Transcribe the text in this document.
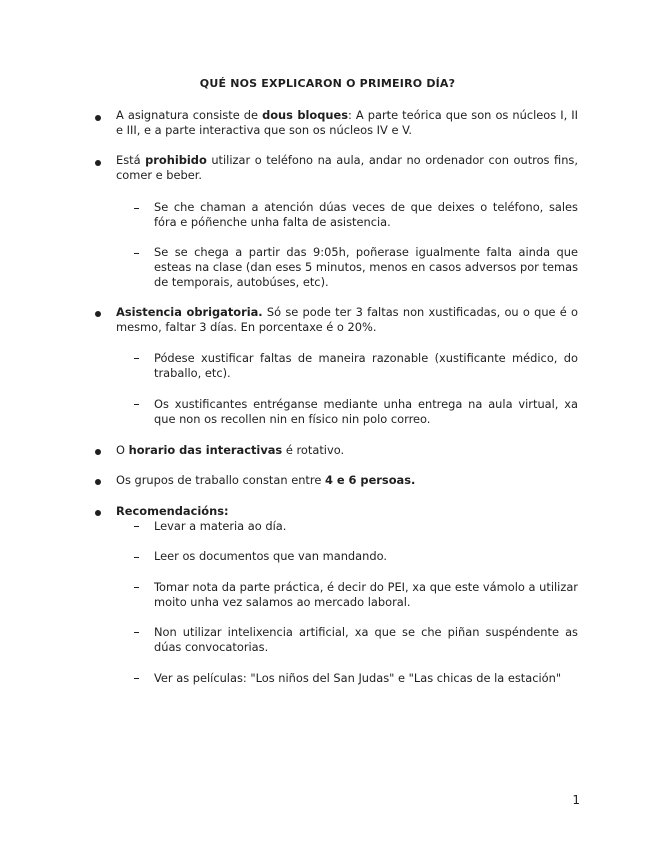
QUÉ NOS EXPLICARON O PRIMEIRO DÍA?
A asignatura consiste de dous bloques: A parte teórica que son os núcleos I, II e III, e a parte interactiva que son os núcleos IV e V.
Está prohibido utilizar o teléfono na aula, andar no ordenador con outros fins, comer e beber.
Se che chaman a atención dúas veces de que deixes o teléfono, sales fóra e póñenche unha falta de asistencia.
Se se chega a partir das 9:05h, poñerase igualmente falta ainda que esteas na clase (dan eses 5 minutos, menos en casos adversos por temas de temporais, autobúses, etc).
Asistencia obrigatoria. Só se pode ter 3 faltas non xustificadas, ou o que é o mesmo, faltar 3 días. En porcentaxe é o 20%.
Pódese xustificar faltas de maneira razonable (xustificante médico, do traballo, etc).
Os xustificantes entréganse mediante unha entrega na aula virtual, xa que non os recollen nin en físico nin polo correo.
O horario das interactivas é rotativo.
Os grupos de traballo constan entre 4 e 6 persoas.
Recomendacións:
Levar a materia ao día.
Leer os documentos que van mandando.
Tomar nota da parte práctica, é decir do PEI, xa que este vámolo a utilizar moito unha vez salamos ao mercado laboral.
Non utilizar intelixencia artificial, xa que se che piñan suspéndente as dúas convocatorias.
Ver as películas: "Los niños del San Judas" e "Las chicas de la estación"
1
